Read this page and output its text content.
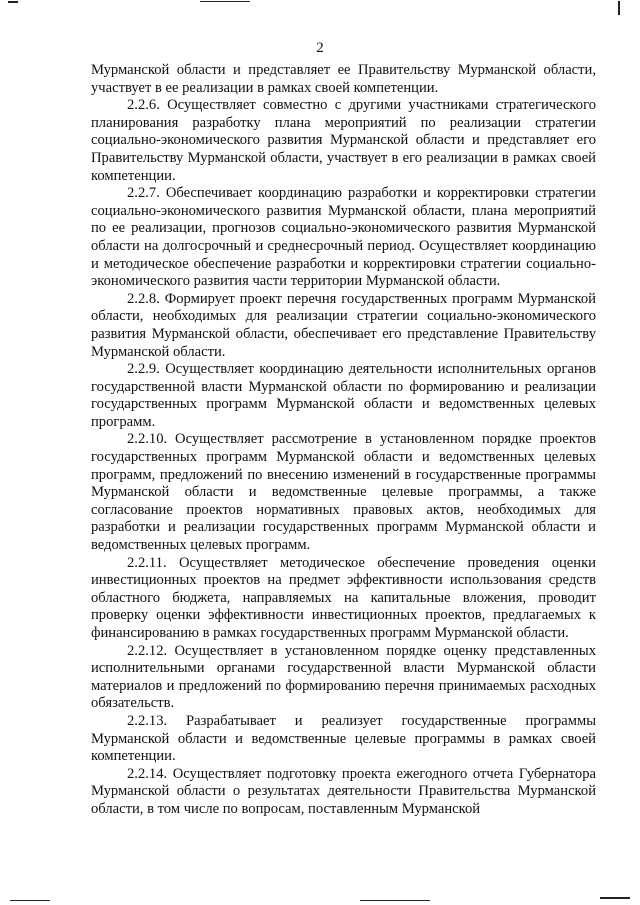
2

Мурманской области и представляет ее Правительству Мурманской области, участвует в ее реализации в рамках своей компетенции.

2.2.6. Осуществляет совместно с другими участниками стратегического планирования разработку плана мероприятий по реализации стратегии социально-экономического развития Мурманской области и представляет его Правительству Мурманской области, участвует в его реализации в рамках своей компетенции.

2.2.7. Обеспечивает координацию разработки и корректировки стратегии социально-экономического развития Мурманской области, плана мероприятий по ее реализации, прогнозов социально-экономического развития Мурманской области на долгосрочный и среднесрочный период. Осуществляет координацию и методическое обеспечение разработки и корректировки стратегии социально-экономического развития части территории Мурманской области.

2.2.8. Формирует проект перечня государственных программ Мурманской области, необходимых для реализации стратегии социально-экономического развития Мурманской области, обеспечивает его представление Правительству Мурманской области.

2.2.9. Осуществляет координацию деятельности исполнительных органов государственной власти Мурманской области по формированию и реализации государственных программ Мурманской области и ведомственных целевых программ.

2.2.10. Осуществляет рассмотрение в установленном порядке проектов государственных программ Мурманской области и ведомственных целевых программ, предложений по внесению изменений в государственные программы Мурманской области и ведомственные целевые программы, а также согласование проектов нормативных правовых актов, необходимых для разработки и реализации государственных программ Мурманской области и ведомственных целевых программ.

2.2.11. Осуществляет методическое обеспечение проведения оценки инвестиционных проектов на предмет эффективности использования средств областного бюджета, направляемых на капитальные вложения, проводит проверку оценки эффективности инвестиционных проектов, предлагаемых к финансированию в рамках государственных программ Мурманской области.

2.2.12. Осуществляет в установленном порядке оценку представленных исполнительными органами государственной власти Мурманской области материалов и предложений по формированию перечня принимаемых расходных обязательств.

2.2.13. Разрабатывает и реализует государственные программы Мурманской области и ведомственные целевые программы в рамках своей компетенции.

2.2.14. Осуществляет подготовку проекта ежегодного отчета Губернатора Мурманской области о результатах деятельности Правительства Мурманской области, в том числе по вопросам, поставленным Мурманской
